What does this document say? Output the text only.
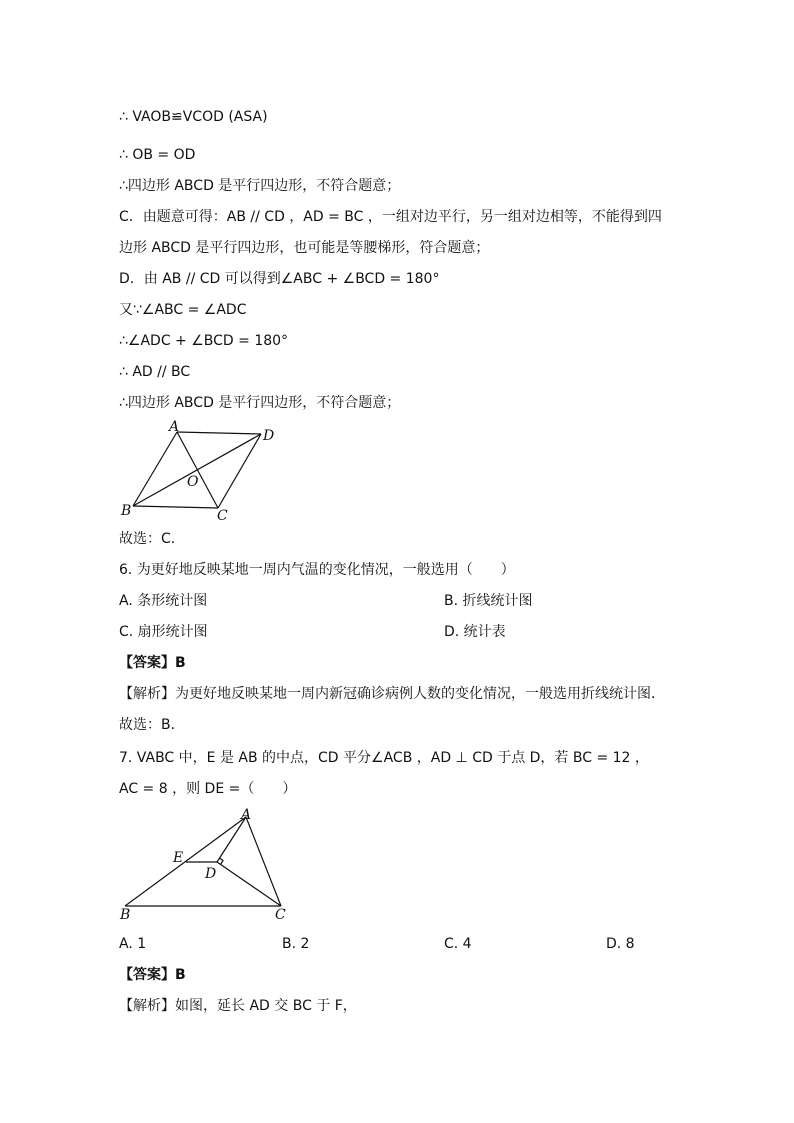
∴ VAOB≌VCOD (ASA)
∴ OB = OD
∴四边形 ABCD 是平行四边形，不符合题意；
C．由题意可得：AB // CD ，AD = BC ，一组对边平行，另一组对边相等，不能得到四
边形 ABCD 是平行四边形，也可能是等腰梯形，符合题意；
D．由 AB // CD 可以得到∠ABC + ∠BCD = 180°
又∵∠ABC = ∠ADC
∴∠ADC + ∠BCD = 180°
∴ AD // BC
∴四边形 ABCD 是平行四边形，不符合题意；
A
D
O
B	C
故选：C．
6. 为更好地反映某地一周内气温的变化情况，一般选用（　　）
A. 条形统计图	B. 折线统计图
C. 扇形统计图	D. 统计表
【答案】B
【解析】为更好地反映某地一周内新冠确诊病例人数的变化情况，一般选用折线统计图．
故选：B．
7. VABC 中，E 是 AB 的中点，CD 平分∠ACB ，AD ⊥ CD 于点 D，若 BC = 12 ，
AC = 8 ，则 DE =（　　）
A
E
D
B	C
A. 1	B. 2	C. 4	D. 8
【答案】B
【解析】如图，延长 AD 交 BC 于 F，
